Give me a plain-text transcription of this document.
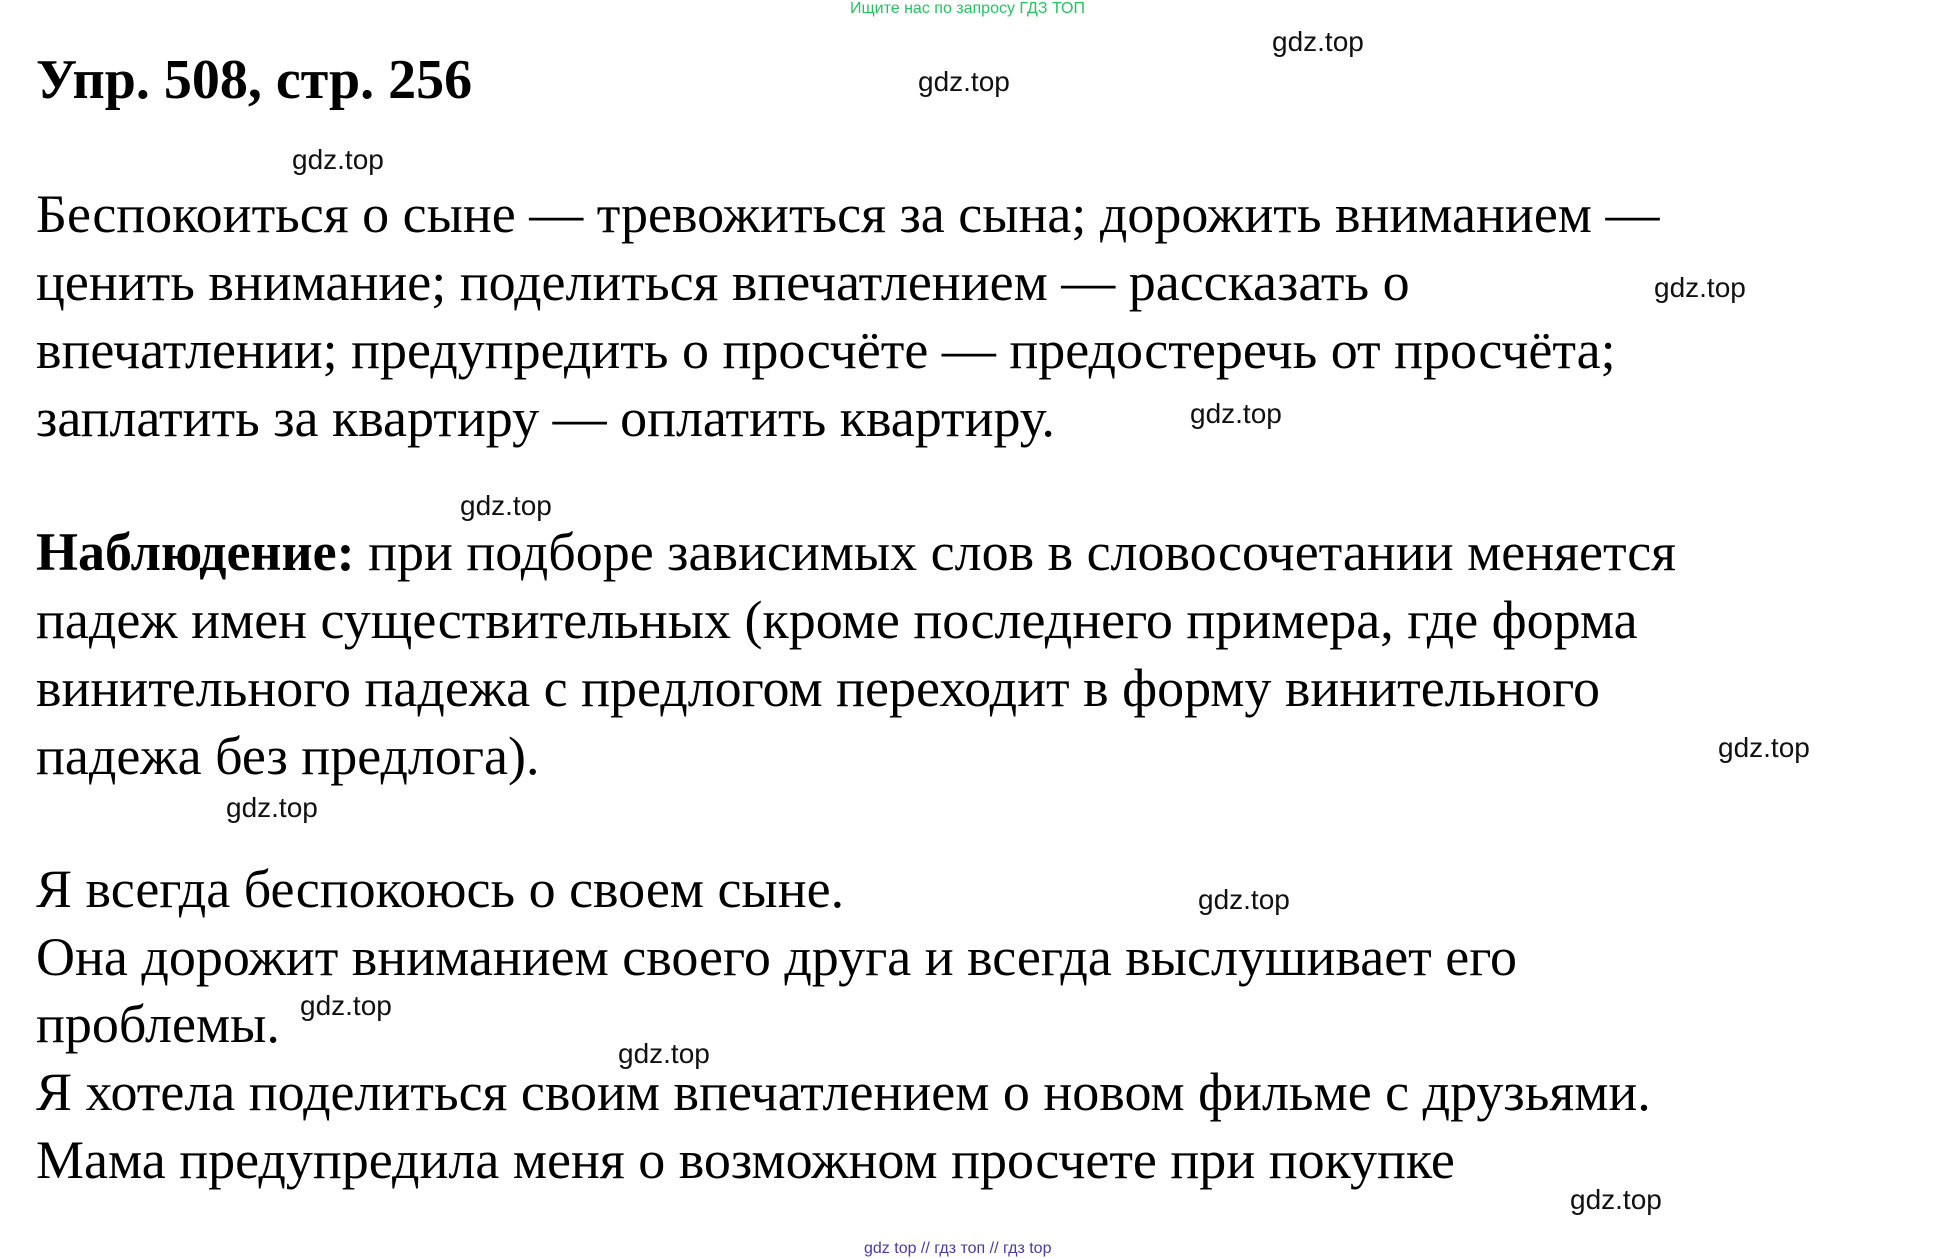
Ищите нас по запросу ГДЗ ТОП
Упр. 508, стр. 256
Беспокоиться о сыне — тревожиться за сына; дорожить вниманием —
ценить внимание; поделиться впечатлением — рассказать о
впечатлении; предупредить о просчёте — предостеречь от просчёта;
заплатить за квартиру — оплатить квартиру.
Наблюдение: при подборе зависимых слов в словосочетании меняется
падеж имен существительных (кроме последнего примера, где форма
винительного падежа с предлогом переходит в форму винительного
падежа без предлога).
Я всегда беспокоюсь о своем сыне.
Она дорожит вниманием своего друга и всегда выслушивает его
проблемы.
Я хотела поделиться своим впечатлением о новом фильме с друзьями.
Мама предупредила меня о возможном просчете при покупке
gdz.top
gdz.top
gdz.top
gdz.top
gdz.top
gdz.top
gdz.top
gdz.top
gdz.top
gdz.top
gdz.top
gdz.top
gdz top // гдз топ // гдз top
